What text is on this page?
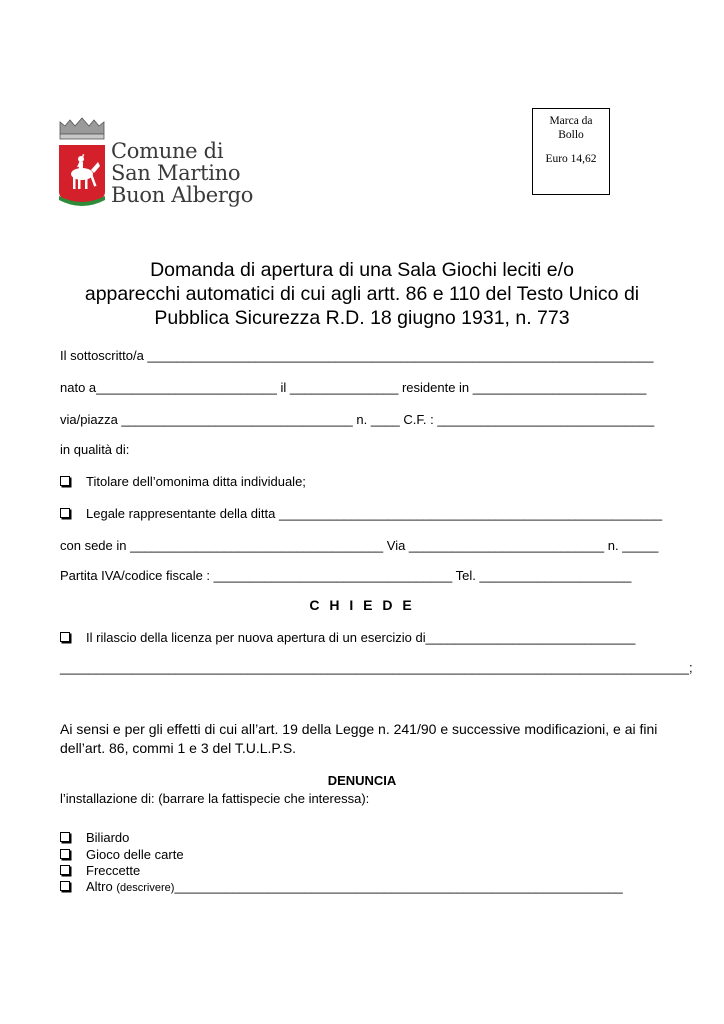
Comune di
San Martino
Buon Albergo
Marca da
Bollo
Euro 14,62
Domanda di apertura di una Sala Giochi leciti e/o
apparecchi automatici di cui agli artt. 86 e 110 del Testo Unico di
Pubblica Sicurezza R.D. 18 giugno 1931, n. 773
Il sottoscritto/a ______________________________________________________________________
nato a_________________________ il _______________ residente in ________________________
via/piazza ________________________________ n. ____ C.F. : ______________________________
in qualità di:
Titolare dell’omonima ditta individuale;
Legale rappresentante della ditta _____________________________________________________
con sede in ___________________________________ Via ___________________________ n. _____
Partita IVA/codice fiscale : _________________________________ Tel. _____________________
C H I E D E
Il rilascio della licenza per nuova apertura di un esercizio di_____________________________
_______________________________________________________________________________________;
Ai sensi e per gli effetti di cui all’art. 19 della Legge n. 241/90 e successive modificazioni, e ai fini dell’art. 86, commi 1 e 3 del T.U.L.P.S.
DENUNCIA
l’installazione di: (barrare la fattispecie che interessa):
Biliardo
Gioco delle carte
Freccette
Altro (descrivere)______________________________________________________________
